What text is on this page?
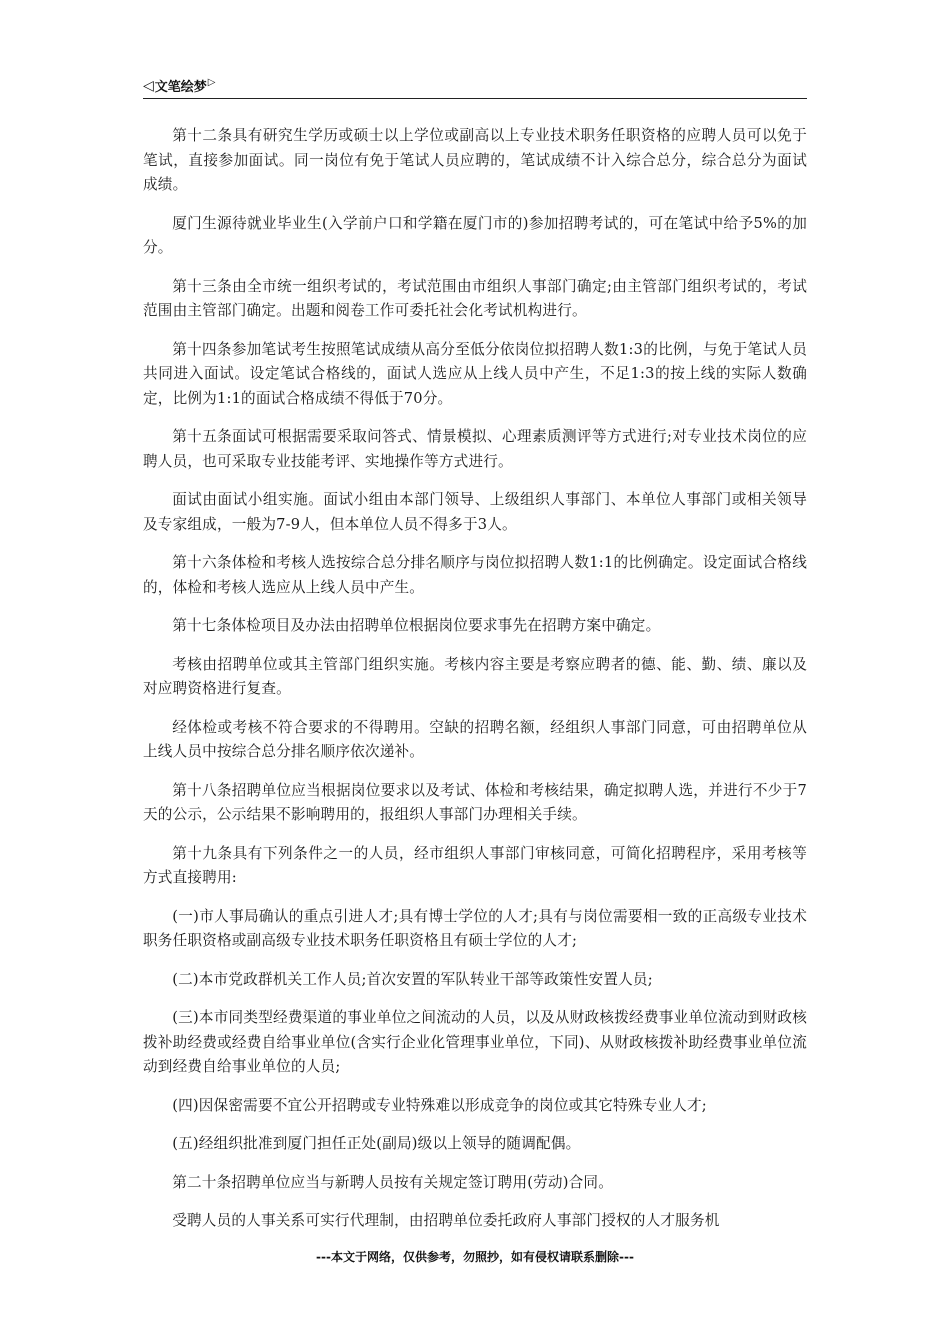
◁ 文笔绘梦 ▷

第十二条具有研究生学历或硕士以上学位或副高以上专业技术职务任职资格的应聘人员可以免于笔试，直接参加面试。同一岗位有免于笔试人员应聘的，笔试成绩不计入综合总分，综合总分为面试成绩。

厦门生源待就业毕业生(入学前户口和学籍在厦门市的)参加招聘考试的，可在笔试中给予5%的加分。

第十三条由全市统一组织考试的，考试范围由市组织人事部门确定;由主管部门组织考试的，考试范围由主管部门确定。出题和阅卷工作可委托社会化考试机构进行。

第十四条参加笔试考生按照笔试成绩从高分至低分依岗位拟招聘人数1:3的比例，与免于笔试人员共同进入面试。设定笔试合格线的，面试人选应从上线人员中产生，不足1:3的按上线的实际人数确定，比例为1:1的面试合格成绩不得低于70分。

第十五条面试可根据需要采取问答式、情景模拟、心理素质测评等方式进行;对专业技术岗位的应聘人员，也可采取专业技能考评、实地操作等方式进行。

面试由面试小组实施。面试小组由本部门领导、上级组织人事部门、本单位人事部门或相关领导及专家组成，一般为7-9人，但本单位人员不得多于3人。

第十六条体检和考核人选按综合总分排名顺序与岗位拟招聘人数1:1的比例确定。设定面试合格线的，体检和考核人选应从上线人员中产生。

第十七条体检项目及办法由招聘单位根据岗位要求事先在招聘方案中确定。

考核由招聘单位或其主管部门组织实施。考核内容主要是考察应聘者的德、能、勤、绩、廉以及对应聘资格进行复查。

经体检或考核不符合要求的不得聘用。空缺的招聘名额，经组织人事部门同意，可由招聘单位从上线人员中按综合总分排名顺序依次递补。

第十八条招聘单位应当根据岗位要求以及考试、体检和考核结果，确定拟聘人选，并进行不少于7天的公示，公示结果不影响聘用的，报组织人事部门办理相关手续。

第十九条具有下列条件之一的人员，经市组织人事部门审核同意，可简化招聘程序，采用考核等方式直接聘用:

(一)市人事局确认的重点引进人才;具有博士学位的人才;具有与岗位需要相一致的正高级专业技术职务任职资格或副高级专业技术职务任职资格且有硕士学位的人才;

(二)本市党政群机关工作人员;首次安置的军队转业干部等政策性安置人员;

(三)本市同类型经费渠道的事业单位之间流动的人员，以及从财政核拨经费事业单位流动到财政核拨补助经费或经费自给事业单位(含实行企业化管理事业单位，下同)、从财政核拨补助经费事业单位流动到经费自给事业单位的人员;

(四)因保密需要不宜公开招聘或专业特殊难以形成竞争的岗位或其它特殊专业人才;

(五)经组织批准到厦门担任正处(副局)级以上领导的随调配偶。

第二十条招聘单位应当与新聘人员按有关规定签订聘用(劳动)合同。

受聘人员的人事关系可实行代理制，由招聘单位委托政府人事部门授权的人才服务机

---本文于网络，仅供参考，勿照抄，如有侵权请联系删除---
